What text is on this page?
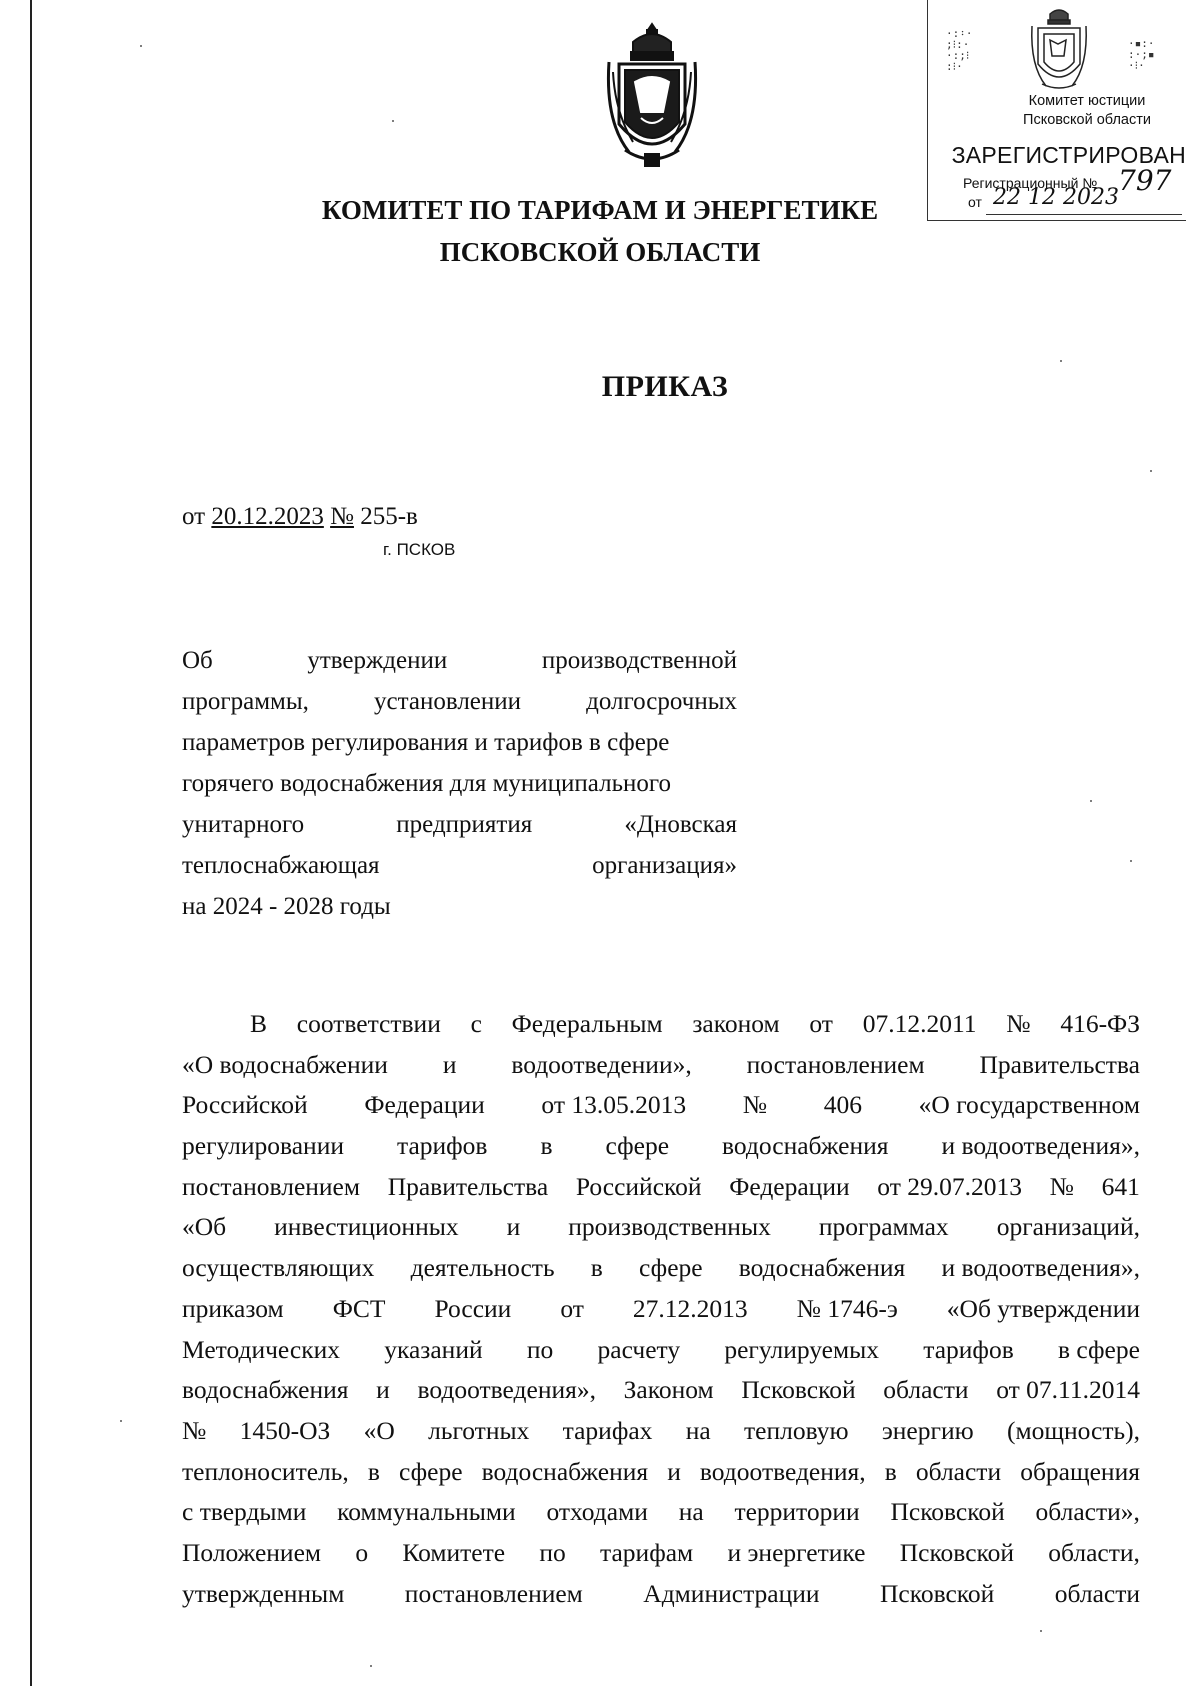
·:᛬·
;⁝:·
·:;⁝
:⁝·
·▪:·
:·;▪
·⁝·
Комитет юстиции
Псковской области
ЗАРЕГИСТРИРОВАН
Регистрационный № 797
от 22 12 2023
КОМИТЕТ ПО ТАРИФАМ И ЭНЕРГЕТИКЕ
ПСКОВСКОЙ ОБЛАСТИ
ПРИКАЗ
от 20.12.2023 № 255-в
г. ПСКОВ
Об	утверждении	производственной
программы,	установлении	долгосрочных
параметров регулирования и тарифов в сфере
горячего водоснабжения для муниципального
унитарного	предприятия	«Дновская
теплоснабжающая	организация»
на 2024 - 2028 годы
В соответствии с Федеральным законом от 07.12.2011 № 416-ФЗ
«О водоснабжении и водоотведении», постановлением Правительства
Российской Федерации от 13.05.2013 № 406 «О государственном
регулировании тарифов в сфере водоснабжения и водоотведения»,
постановлением Правительства Российской Федерации от 29.07.2013 № 641
«Об инвестиционных и производственных программах организаций,
осуществляющих деятельность в сфере водоснабжения и водоотведения»,
приказом ФСТ России от 27.12.2013 № 1746-э «Об утверждении
Методических указаний по расчету регулируемых тарифов в сфере
водоснабжения и водоотведения», Законом Псковской области от 07.11.2014
№ 1450-ОЗ «О льготных тарифах на тепловую энергию (мощность),
теплоноситель, в сфере водоснабжения и водоотведения, в области обращения
с твердыми коммунальными отходами на территории Псковской области»,
Положением о Комитете по тарифам и энергетике Псковской области,
утвержденным постановлением Администрации Псковской области
